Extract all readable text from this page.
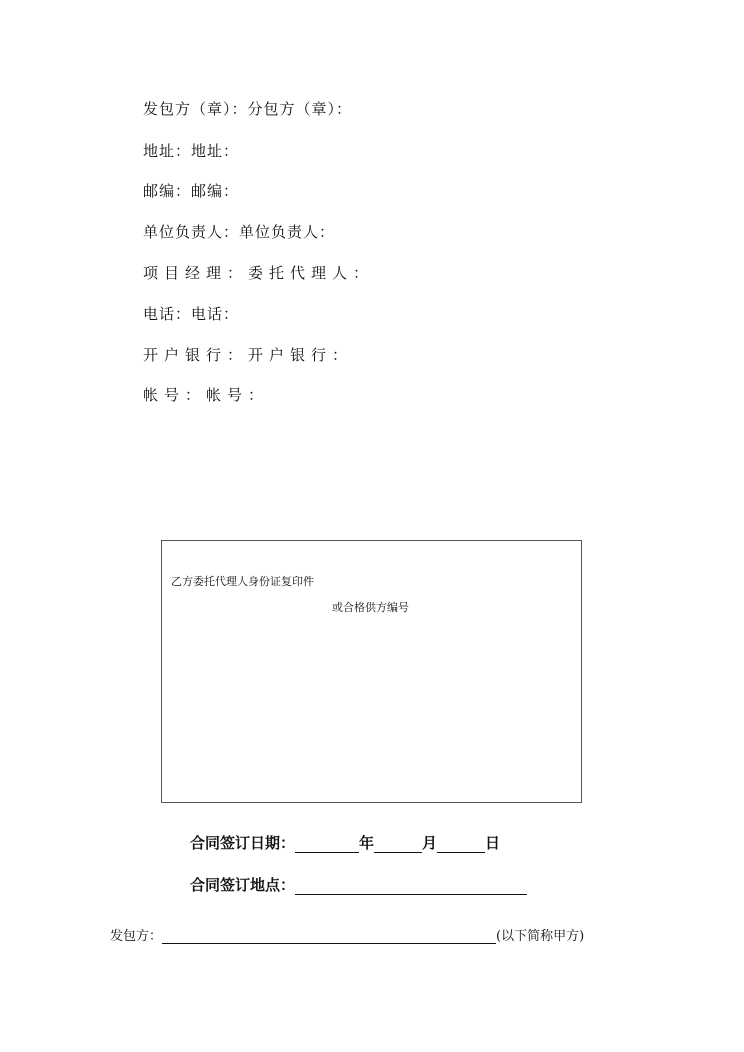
发包方（章）：分包方（章）：
地址：地址：
邮编：邮编：
单位负责人：单位负责人：
项目经理：委托代理人：
电话：电话：
开户银行：开户银行：
帐号：帐号：
乙方委托代理人身份证复印件
或合格供方编号
合同签订日期：	年	月	日
合同签订地点：
发包方：	(以下简称甲方)
